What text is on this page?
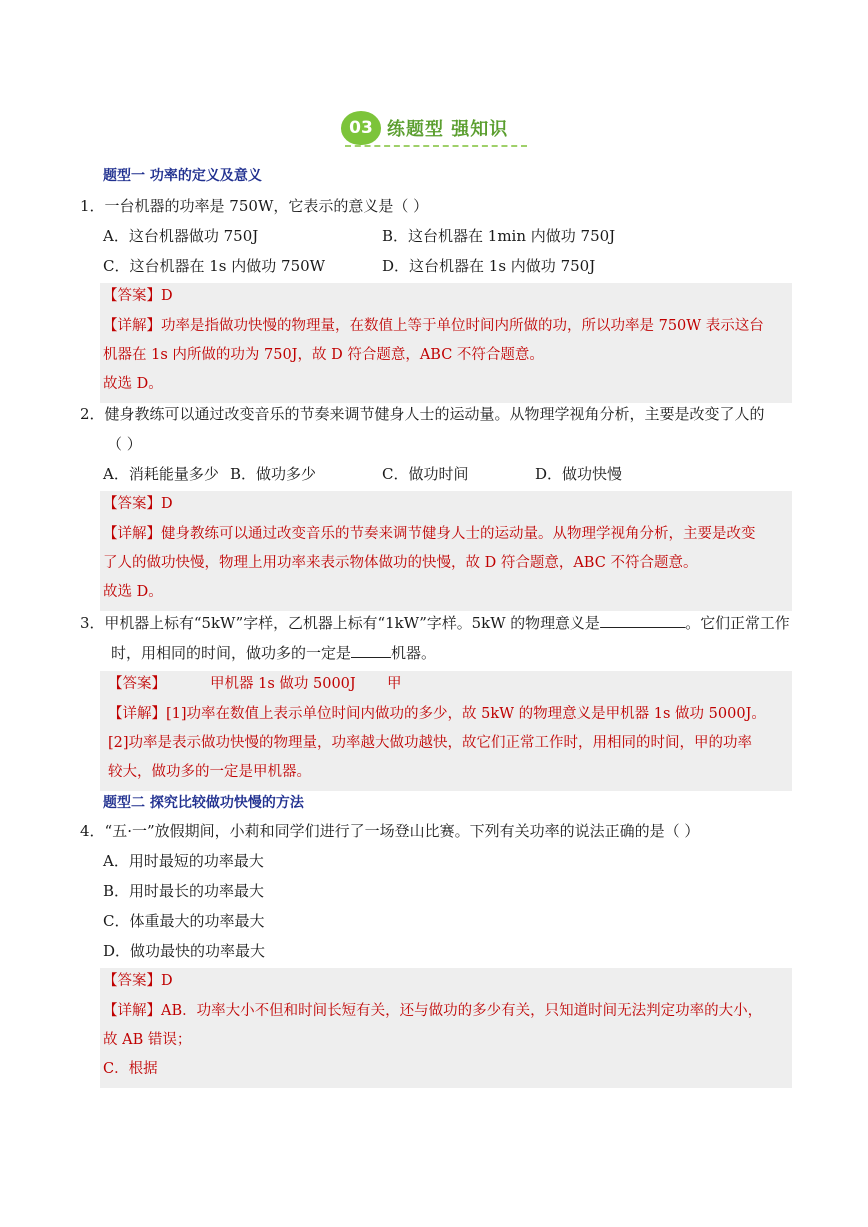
03 练题型 强知识
题型一 功率的定义及意义
1．一台机器的功率是 750W，它表示的意义是（ ）
A．这台机器做功 750J	B．这台机器在 1min 内做功 750J
C．这台机器在 1s 内做功 750W	D．这台机器在 1s 内做功 750J
【答案】D
【详解】功率是指做功快慢的物理量，在数值上等于单位时间内所做的功，所以功率是 750W 表示这台
机器在 1s 内所做的功为 750J，故 D 符合题意，ABC 不符合题意。
故选 D。
2．健身教练可以通过改变音乐的节奏来调节健身人士的运动量。从物理学视角分析，主要是改变了人的
（ ）
A．消耗能量多少 B．做功多少	C．做功时间	D．做功快慢
【答案】D
【详解】健身教练可以通过改变音乐的节奏来调节健身人士的运动量。从物理学视角分析，主要是改变
了人的做功快慢，物理上用功率来表示物体做功的快慢，故 D 符合题意，ABC 不符合题意。
故选 D。
3．甲机器上标有“5kW”字样，乙机器上标有“1kW”字样。5kW 的物理意义是	。它们正常工作
时，用相同的时间，做功多的一定是	机器。
【答案】	甲机器 1s 做功 5000J 甲
【详解】[1]功率在数值上表示单位时间内做功的多少，故 5kW 的物理意义是甲机器 1s 做功 5000J。
[2]功率是表示做功快慢的物理量，功率越大做功越快，故它们正常工作时，用相同的时间，甲的功率
较大，做功多的一定是甲机器。
题型二 探究比较做功快慢的方法
4．“五·一”放假期间，小莉和同学们进行了一场登山比赛。下列有关功率的说法正确的是（ ）
A．用时最短的功率最大
B．用时最长的功率最大
C．体重最大的功率最大
D．做功最快的功率最大
【答案】D
【详解】AB．功率大小不但和时间长短有关，还与做功的多少有关，只知道时间无法判定功率的大小，
故 AB 错误；
C．根据
